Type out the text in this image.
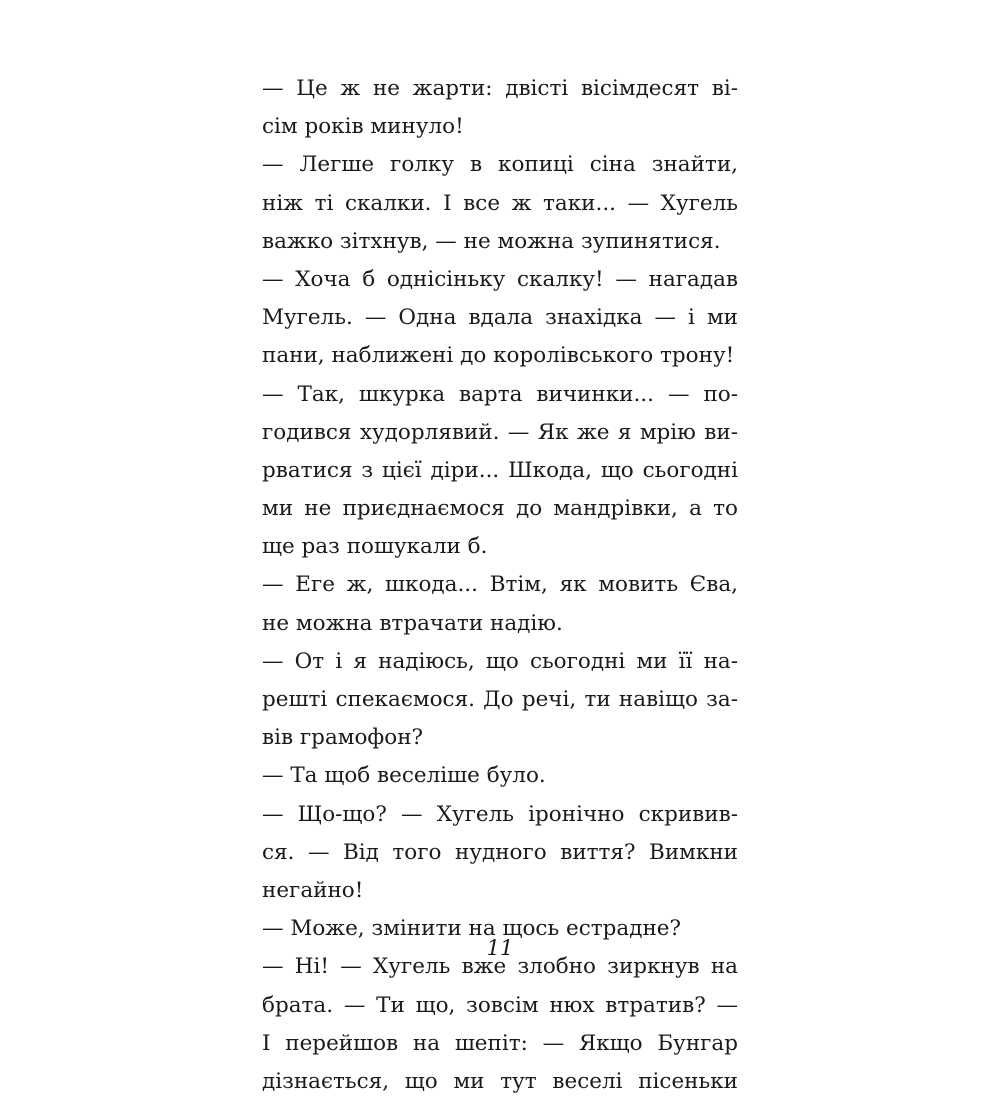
— Це ж не жарти: двісті вісімдесят ві-
сім років минуло!
— Легше голку в копиці сіна знайти,
ніж ті скалки. І все ж таки... — Хугель
важко зітхнув, — не можна зупинятися.
— Хоча б однісіньку скалку! — нагадав
Мугель. — Одна вдала знахідка — і ми
пани, наближені до королівського трону!
— Так, шкурка варта вичинки... — по-
годився худорлявий. — Як же я мрію ви-
рватися з цієї діри... Шкода, що сьогодні
ми не приєднаємося до мандрівки, а то
ще раз пошукали б.
— Еге ж, шкода... Втім, як мовить Єва,
не можна втрачати надію.
— От і я надіюсь, що сьогодні ми її на-
решті спекаємося. До речі, ти навіщо за-
вів грамофон?
— Та щоб веселіше було.
— Що-що? — Хугель іронічно скривив-
ся. — Від того нудного виття? Вимкни
негайно!
— Може, змінити на щось естрадне?
— Ні! — Хугель вже злобно зиркнув на
брата. — Ти що, зовсім нюх втратив? —
І перейшов на шепіт: — Якщо Бунгар
дізнається, що ми тут веселі пісеньки
11
